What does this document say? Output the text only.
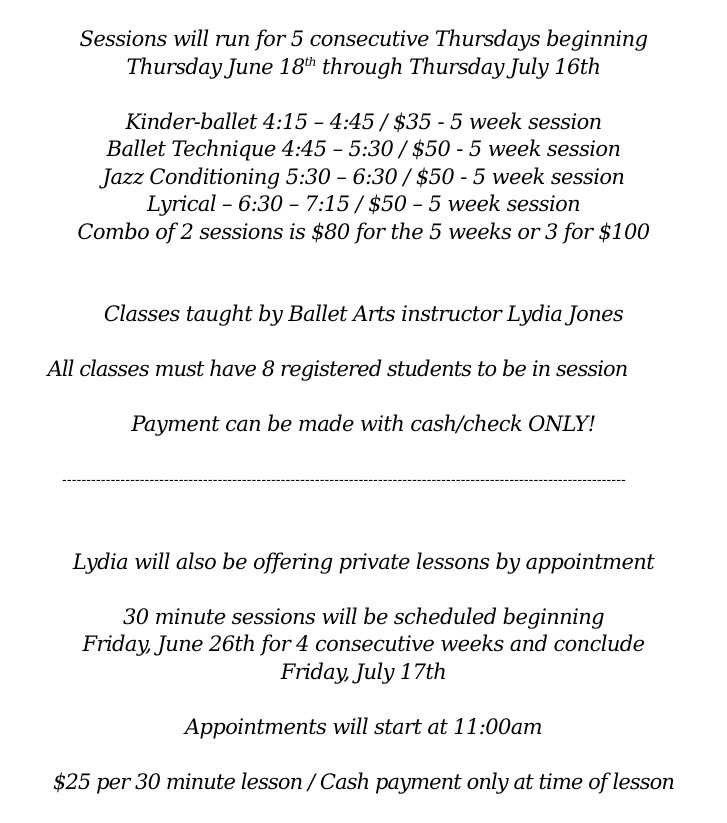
Sessions will run for 5 consecutive Thursdays beginning
Thursday June 18th through Thursday July 16th
Kinder-ballet 4:15 – 4:45 / $35 - 5 week session
Ballet Technique 4:45 – 5:30 / $50 - 5 week session
Jazz Conditioning 5:30 – 6:30 / $50 - 5 week session
Lyrical – 6:30 – 7:15 / $50 – 5 week session
Combo of 2 sessions is $80 for the 5 weeks or 3 for $100
Classes taught by Ballet Arts instructor Lydia Jones
All classes must have 8 registered students to be in session
Payment can be made with cash/check ONLY!
--------------------------------------------------------------------------------------------------------------------
Lydia will also be offering private lessons by appointment
30 minute sessions will be scheduled beginning
Friday, June 26th for 4 consecutive weeks and conclude
Friday, July 17th
Appointments will start at 11:00am
$25 per 30 minute lesson / Cash payment only at time of lesson
